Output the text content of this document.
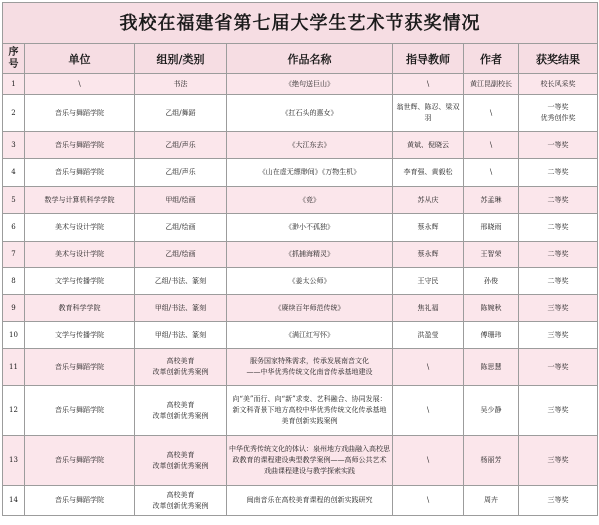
我校在福建省第七届大学生艺术节获奖情况						
序号	单位	组别/类别	作品名称	指导教师	作者	获奖结果
1	\	书法	《绝句送巨山》	\	黄江昆副校长	校长风采奖

2	音乐与舞蹈学院	乙组/舞蹈	《扛石头的惠女》	翁世辉、陈忍、梁双羽	\	一等奖
优秀创作奖

3	音乐与舞蹈学院	乙组/声乐	《大江东去》	黄斌、倪晓云	\	一等奖

4	音乐与舞蹈学院	乙组/声乐	《山在虚无缥缈间》《万物生机》	李育强、黄毅松	\	二等奖

5	数学与计算机科学学院	甲组/绘画	《竞》	苏从庆	苏孟琳	二等奖

6	美术与设计学院	乙组/绘画	《渺小不孤独》	蔡永辉	邢晓雨	二等奖

7	美术与设计学院	乙组/绘画	《抓捕海精灵》	蔡永辉	王智荣	二等奖

8	文学与传播学院	乙组/书法、篆刻	《姜太公师》	王守民	孙俊	二等奖

9	教育科学学院	甲组/书法、篆刻	《赓续百年师范传统》	焦礼福	陈婉秋	三等奖

10	文学与传播学院	甲组/书法、篆刻	《满江红写怀》	洪盈莹	傅珊玮	三等奖

11	音乐与舞蹈学院	高校美育
改革创新优秀案例	服务国家特殊需求，传承发展南音文化
——中华优秀传统文化南音传承基地建设	\	陈思慧	一等奖

12	音乐与舞蹈学院	高校美育
改革创新优秀案例	向“美”而行、向“新”求变、艺科融合、协同发展：
新文科背景下地方高校中华优秀传统文化传承基地
美育创新实践案例	\	吴少静	三等奖

13	音乐与舞蹈学院	高校美育
改革创新优秀案例	中华优秀传统文化的体认：泉州地方戏曲融入高校思
政教育的课程建设典型教学案例——高师公共艺术
戏曲课程建设与教学探索实践	\	杨丽芳	三等奖

14	音乐与舞蹈学院	高校美育
改革创新优秀案例	闽南音乐在高校美育课程的创新实践研究	\	周卉	三等奖
